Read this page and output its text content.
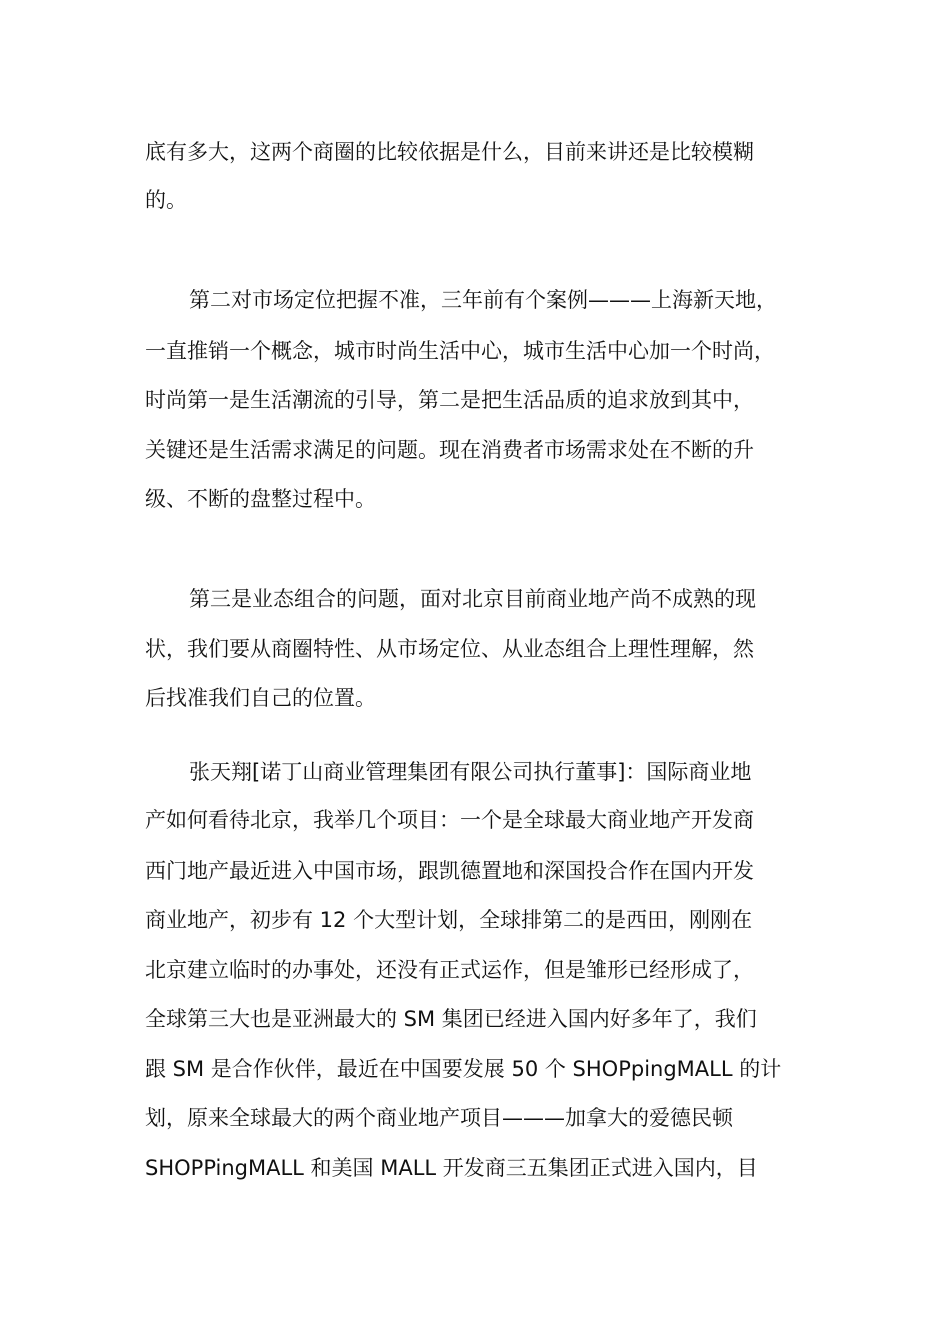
底有多大，这两个商圈的比较依据是什么，目前来讲还是比较模糊
的。
第二对市场定位把握不准，三年前有个案例———上海新天地，
一直推销一个概念，城市时尚生活中心，城市生活中心加一个时尚，
时尚第一是生活潮流的引导，第二是把生活品质的追求放到其中，
关键还是生活需求满足的问题。现在消费者市场需求处在不断的升
级、不断的盘整过程中。
第三是业态组合的问题，面对北京目前商业地产尚不成熟的现
状，我们要从商圈特性、从市场定位、从业态组合上理性理解，然
后找准我们自己的位置。
张天翔[诺丁山商业管理集团有限公司执行董事]：国际商业地
产如何看待北京，我举几个项目：一个是全球最大商业地产开发商
西门地产最近进入中国市场，跟凯德置地和深国投合作在国内开发
商业地产，初步有 12 个大型计划，全球排第二的是西田，刚刚在
北京建立临时的办事处，还没有正式运作，但是雏形已经形成了，
全球第三大也是亚洲最大的 SM 集团已经进入国内好多年了，我们
跟 SM 是合作伙伴，最近在中国要发展 50 个 SHOPpingMALL 的计
划，原来全球最大的两个商业地产项目———加拿大的爱德民顿
SHOPPingMALL 和美国 MALL 开发商三五集团正式进入国内，目
